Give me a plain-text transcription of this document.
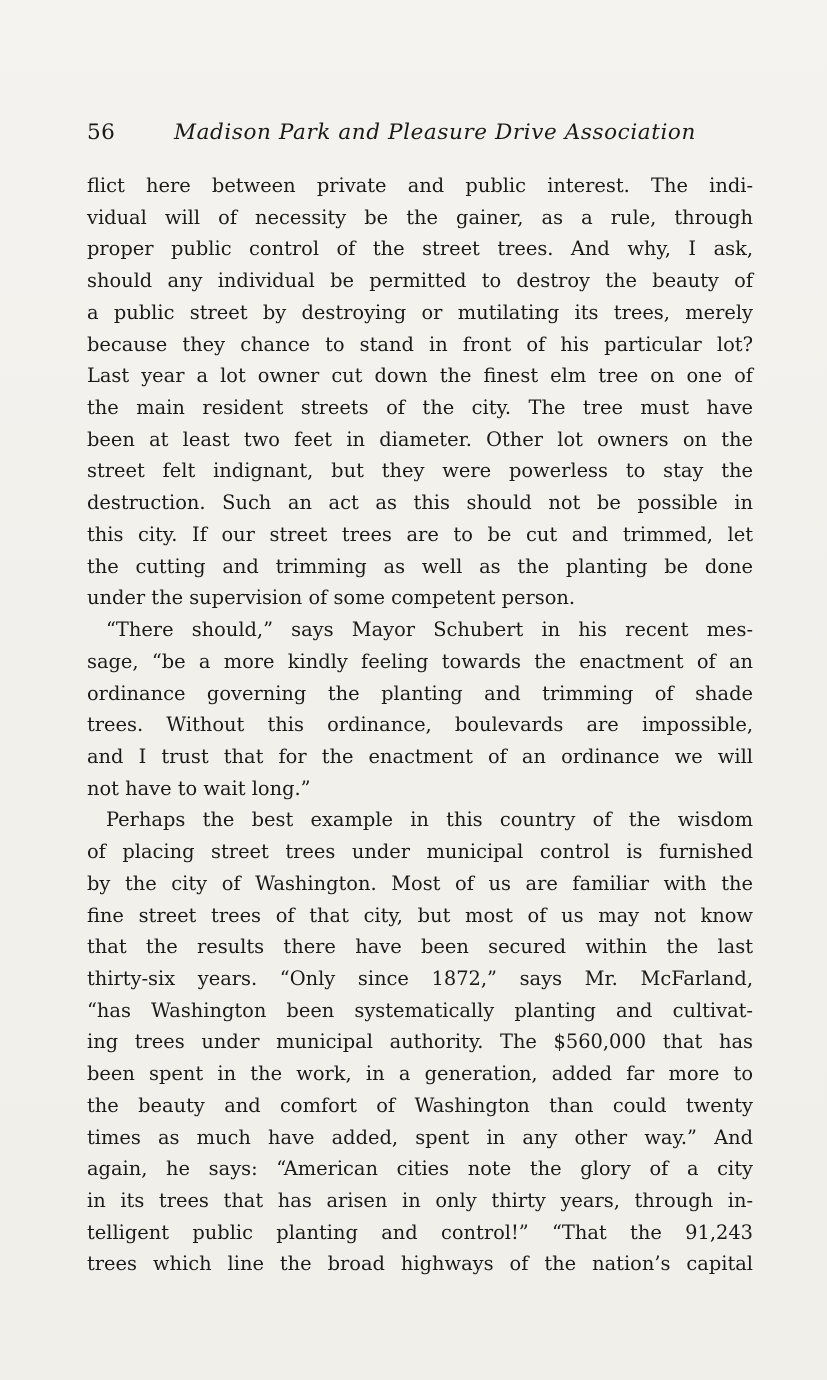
56	Madison Park and Pleasure Drive Association
flict here between private and public interest. The indi-
vidual will of necessity be the gainer, as a rule, through
proper public control of the street trees. And why, I ask,
should any individual be permitted to destroy the beauty of
a public street by destroying or mutilating its trees, merely
because they chance to stand in front of his particular lot?
Last year a lot owner cut down the finest elm tree on one of
the main resident streets of the city. The tree must have
been at least two feet in diameter. Other lot owners on the
street felt indignant, but they were powerless to stay the
destruction. Such an act as this should not be possible in
this city. If our street trees are to be cut and trimmed, let
the cutting and trimming as well as the planting be done
under the supervision of some competent person.
“There should,” says Mayor Schubert in his recent mes-
sage, “be a more kindly feeling towards the enactment of an
ordinance governing the planting and trimming of shade
trees. Without this ordinance, boulevards are impossible,
and I trust that for the enactment of an ordinance we will
not have to wait long.”
Perhaps the best example in this country of the wisdom
of placing street trees under municipal control is furnished
by the city of Washington. Most of us are familiar with the
fine street trees of that city, but most of us may not know
that the results there have been secured within the last
thirty-six years. “Only since 1872,” says Mr. McFarland,
“has Washington been systematically planting and cultivat-
ing trees under municipal authority. The $560,000 that has
been spent in the work, in a generation, added far more to
the beauty and comfort of Washington than could twenty
times as much have added, spent in any other way.” And
again, he says: “American cities note the glory of a city
in its trees that has arisen in only thirty years, through in-
telligent public planting and control!” “That the 91,243
trees which line the broad highways of the nation’s capital
